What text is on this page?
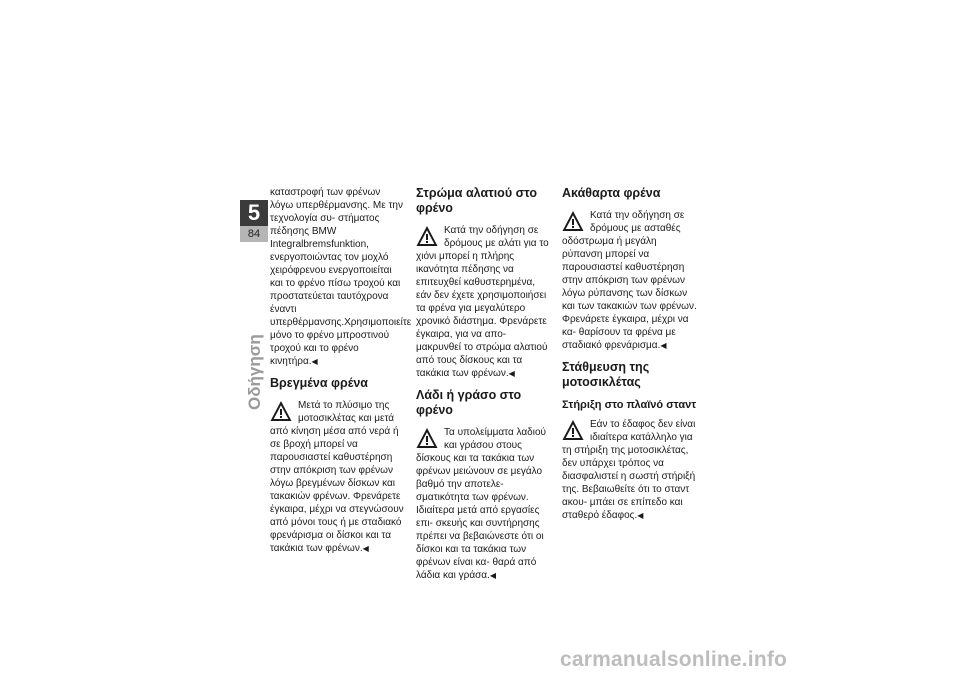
5
84
Οδήγηση

καταστροφή των φρένων λόγω υπερθέρμανσης. Με την τεχνολογία συ- στήματος πέδησης BMW Integralbremsfunktion, ενεργοποιώντας τον μοχλό χειρόφρενου ενεργοποιείται και το φρένο πίσω τροχού και προστατεύεται ταυτόχρονα έναντι υπερθέρμανσης.Χρησιμοποιείτε μόνο το φρένο μπροστινού τροχού και το φρένο κινητήρα.◀

Βρεγμένα φρένα

Μετά το πλύσιμο της μοτοσικλέτας και μετά από κίνηση μέσα από νερά ή σε βροχή μπορεί να παρουσιαστεί καθυστέρηση στην απόκριση των φρένων λόγω βρεγμένων δίσκων και τακακιών φρένων. Φρενάρετε έγκαιρα, μέχρι να στεγνώσουν από μόνοι τους ή με σταδιακό φρενάρισμα οι δίσκοι και τα τακάκια των φρένων.◀

Στρώμα αλατιού στο φρένο

Κατά την οδήγηση σε δρόμους με αλάτι για το χιόνι μπορεί η πλήρης ικανότητα πέδησης να επιτευχθεί καθυστερημένα, εάν δεν έχετε χρησιμοποιήσει τα φρένα για μεγαλύτερο χρονικό διάστημα. Φρενάρετε έγκαιρα, για να απο- μακρυνθεί το στρώμα αλατιού από τους δίσκους και τα τακάκια των φρένων.◀

Λάδι ή γράσο στο φρένο

Τα υπολείμματα λαδιού και γράσου στους δίσκους και τα τακάκια των φρένων μειώνουν σε μεγάλο βαθμό την αποτελε- σματικότητα των φρένων. Ιδιαίτερα μετά από εργασίες επι- σκευής και συντήρησης πρέπει να βεβαιώνεστε ότι οι δίσκοι και τα τακάκια των φρένων είναι κα- θαρά από λάδια και γράσα.◀

Ακάθαρτα φρένα

Κατά την οδήγηση σε δρόμους με ασταθές οδόστρωμα ή μεγάλη ρύπανση μπορεί να παρουσιαστεί καθυστέρηση στην απόκριση των φρένων λόγω ρύπανσης των δίσκων και των τακακιών των φρένων. Φρενάρετε έγκαιρα, μέχρι να κα- θαρίσουν τα φρένα με σταδιακό φρενάρισμα.◀

Στάθμευση της μοτοσικλέτας
Στήριξη στο πλαϊνό σταντ

Εάν το έδαφος δεν είναι ιδιαίτερα κατάλληλο για τη στήριξη της μοτοσικλέτας, δεν υπάρχει τρόπος να διασφαλιστεί η σωστή στήριξή της. Βεβαιωθείτε ότι το σταντ ακου- μπάει σε επίπεδο και σταθερό έδαφος.◀

carmanualsonline.info
